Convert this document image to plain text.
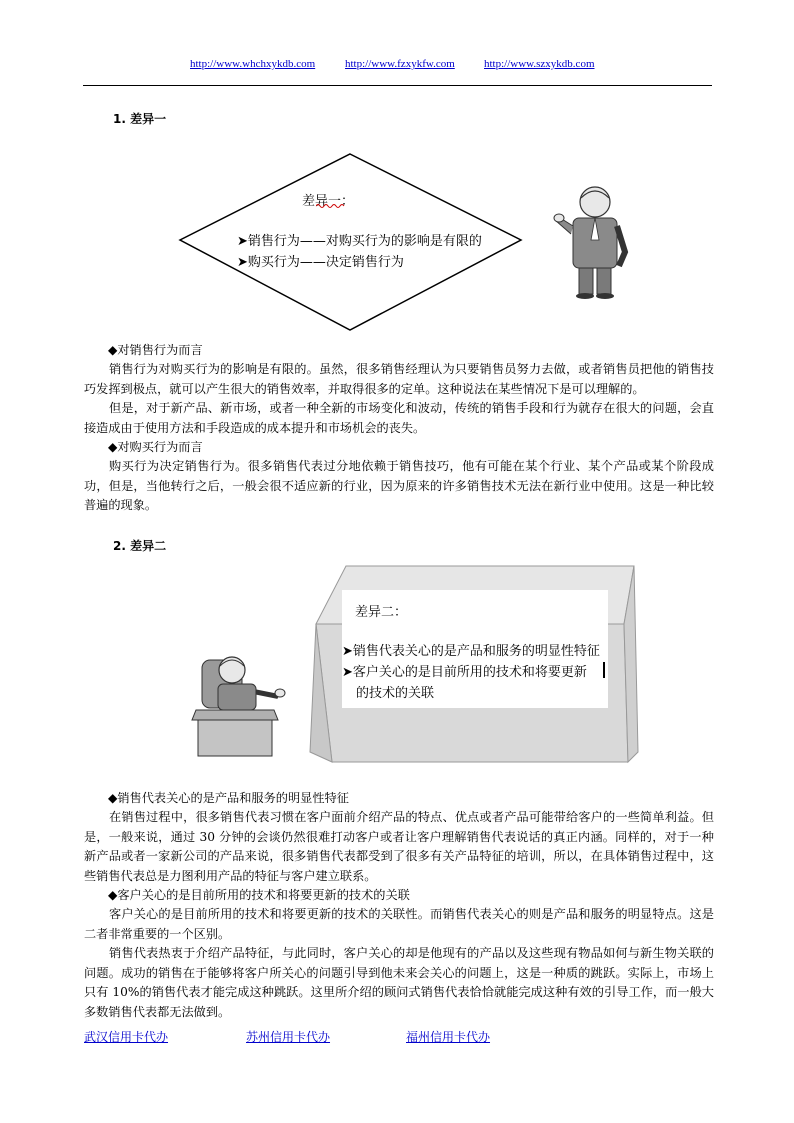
http://www.whchxykdb.com	http://www.fzxykfw.com	http://www.szxykdb.com
1. 差异一
差异一：
➤销售行为——对购买行为的影响是有限的
➤购买行为——决定销售行为
◆对销售行为而言

销售行为对购买行为的影响是有限的。虽然，很多销售经理认为只要销售员努力去做，或者销售员把他的销售技巧发挥到极点，就可以产生很大的销售效率，并取得很多的定单。这种说法在某些情况下是可以理解的。

但是，对于新产品、新市场，或者一种全新的市场变化和波动，传统的销售手段和行为就存在很大的问题，会直接造成由于使用方法和手段造成的成本提升和市场机会的丧失。

◆对购买行为而言

购买行为决定销售行为。很多销售代表过分地依赖于销售技巧，他有可能在某个行业、某个产品或某个阶段成功，但是，当他转行之后，一般会很不适应新的行业，因为原来的许多销售技术无法在新行业中使用。这是一种比较普遍的现象。

2. 差异二
差异二：
➤销售代表关心的是产品和服务的明显性特征
➤客户关心的是目前所用的技术和将要更新
的技术的关联
◆销售代表关心的是产品和服务的明显性特征

在销售过程中，很多销售代表习惯在客户面前介绍产品的特点、优点或者产品可能带给客户的一些简单利益。但是，一般来说，通过 30 分钟的会谈仍然很难打动客户或者让客户理解销售代表说话的真正内涵。同样的，对于一种新产品或者一家新公司的产品来说，很多销售代表都受到了很多有关产品特征的培训，所以，在具体销售过程中，这些销售代表总是力图利用产品的特征与客户建立联系。

◆客户关心的是目前所用的技术和将要更新的技术的关联

客户关心的是目前所用的技术和将要更新的技术的关联性。而销售代表关心的则是产品和服务的明显特点。这是二者非常重要的一个区别。

销售代表热衷于介绍产品特征，与此同时，客户关心的却是他现有的产品以及这些现有物品如何与新生物关联的问题。成功的销售在于能够将客户所关心的问题引导到他未来会关心的问题上，这是一种质的跳跃。实际上，市场上只有 10%的销售代表才能完成这种跳跃。这里所介绍的顾问式销售代表恰恰就能完成这种有效的引导工作，而一般大多数销售代表都无法做到。

武汉信用卡代办	苏州信用卡代办	福州信用卡代办
